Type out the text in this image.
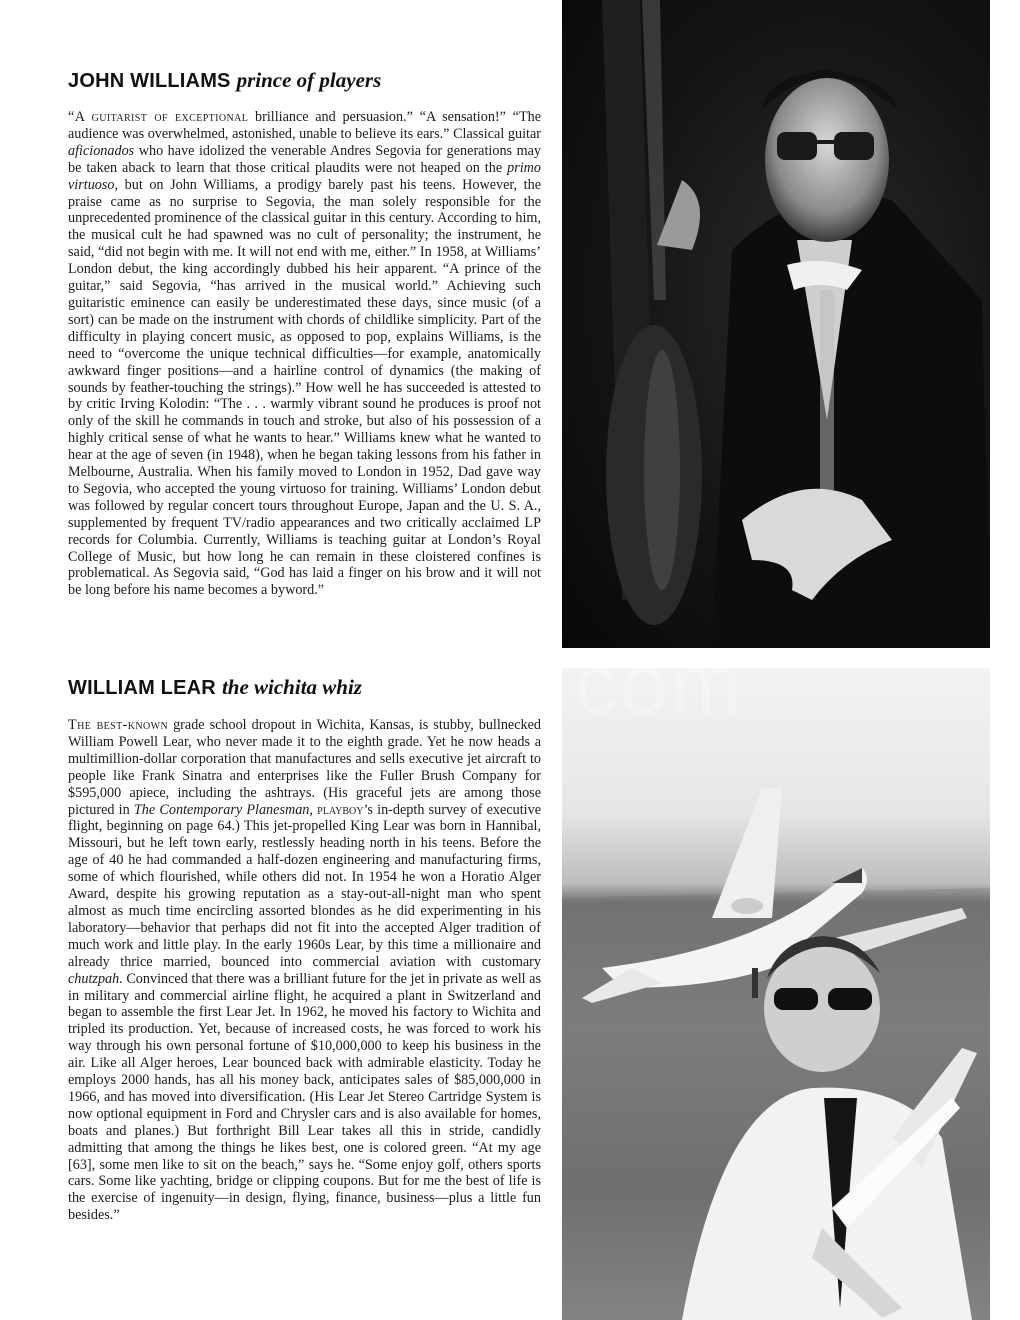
JOHN WILLIAMS prince of players

“A guitarist of exceptional brilliance and persuasion.” “A sensation!” “The audience was overwhelmed, astonished, unable to believe its ears.” Classical guitar aficionados who have idolized the venerable Andres Segovia for generations may be taken aback to learn that those critical plaudits were not heaped on the primo virtuoso, but on John Williams, a prodigy barely past his teens. However, the praise came as no surprise to Segovia, the man solely responsible for the unprecedented prominence of the classical guitar in this century. According to him, the musical cult he had spawned was no cult of personality; the instrument, he said, “did not begin with me. It will not end with me, either.” In 1958, at Williams’ London debut, the king accordingly dubbed his heir apparent. “A prince of the guitar,” said Segovia, “has arrived in the musical world.” Achieving such guitaristic eminence can easily be underestimated these days, since music (of a sort) can be made on the instrument with chords of childlike simplicity. Part of the difficulty in playing concert music, as opposed to pop, explains Williams, is the need to “overcome the unique technical difficulties—for example, anatomically awkward finger positions—and a hairline control of dynamics (the making of sounds by feather-touching the strings).” How well he has succeeded is attested to by critic Irving Kolodin: “The . . . warmly vibrant sound he produces is proof not only of the skill he commands in touch and stroke, but also of his possession of a highly critical sense of what he wants to hear.” Williams knew what he wanted to hear at the age of seven (in 1948), when he began taking lessons from his father in Melbourne, Australia. When his family moved to London in 1952, Dad gave way to Segovia, who accepted the young virtuoso for training. Williams’ London debut was followed by regular concert tours throughout Europe, Japan and the U. S. A., supplemented by frequent TV/radio appearances and two critically acclaimed LP records for Columbia. Currently, Williams is teaching guitar at London’s Royal College of Music, but how long he can remain in these cloistered confines is problematical. As Segovia said, “God has laid a finger on his brow and it will not be long before his name becomes a byword.”

WILLIAM LEAR the wichita whiz

The best-known grade school dropout in Wichita, Kansas, is stubby, bullnecked William Powell Lear, who never made it to the eighth grade. Yet he now heads a multimillion-dollar corporation that manufactures and sells executive jet aircraft to people like Frank Sinatra and enterprises like the Fuller Brush Company for $595,000 apiece, including the ashtrays. (His graceful jets are among those pictured in The Contemporary Planesman, playboy’s in-depth survey of executive flight, beginning on page 64.) This jet-propelled King Lear was born in Hannibal, Missouri, but he left town early, restlessly heading north in his teens. Before the age of 40 he had commanded a half-dozen engineering and manufacturing firms, some of which flourished, while others did not. In 1954 he won a Horatio Alger Award, despite his growing reputation as a stay-out-all-night man who spent almost as much time encircling assorted blondes as he did experimenting in his laboratory—behavior that perhaps did not fit into the accepted Alger tradition of much work and little play. In the early 1960s Lear, by this time a millionaire and already thrice married, bounced into commercial aviation with customary chutzpah. Convinced that there was a brilliant future for the jet in private as well as in military and commercial airline flight, he acquired a plant in Switzerland and began to assemble the first Lear Jet. In 1962, he moved his factory to Wichita and tripled its production. Yet, because of increased costs, he was forced to work his way through his own personal fortune of $10,000,000 to keep his business in the air. Like all Alger heroes, Lear bounced back with admirable elasticity. Today he employs 2000 hands, has all his money back, anticipates sales of $85,000,000 in 1966, and has moved into diversification. (His Lear Jet Stereo Cartridge System is now optional equipment in Ford and Chrysler cars and is also available for homes, boats and planes.) But forthright Bill Lear takes all this in stride, candidly admitting that among the things he likes best, one is colored green. “At my age [63], some men like to sit on the beach,” says he. “Some enjoy golf, others sports cars. Some like yachting, bridge or clipping coupons. But for me the best of life is the exercise of ingenuity—in design, flying, finance, business—plus a little fun besides.”

com
